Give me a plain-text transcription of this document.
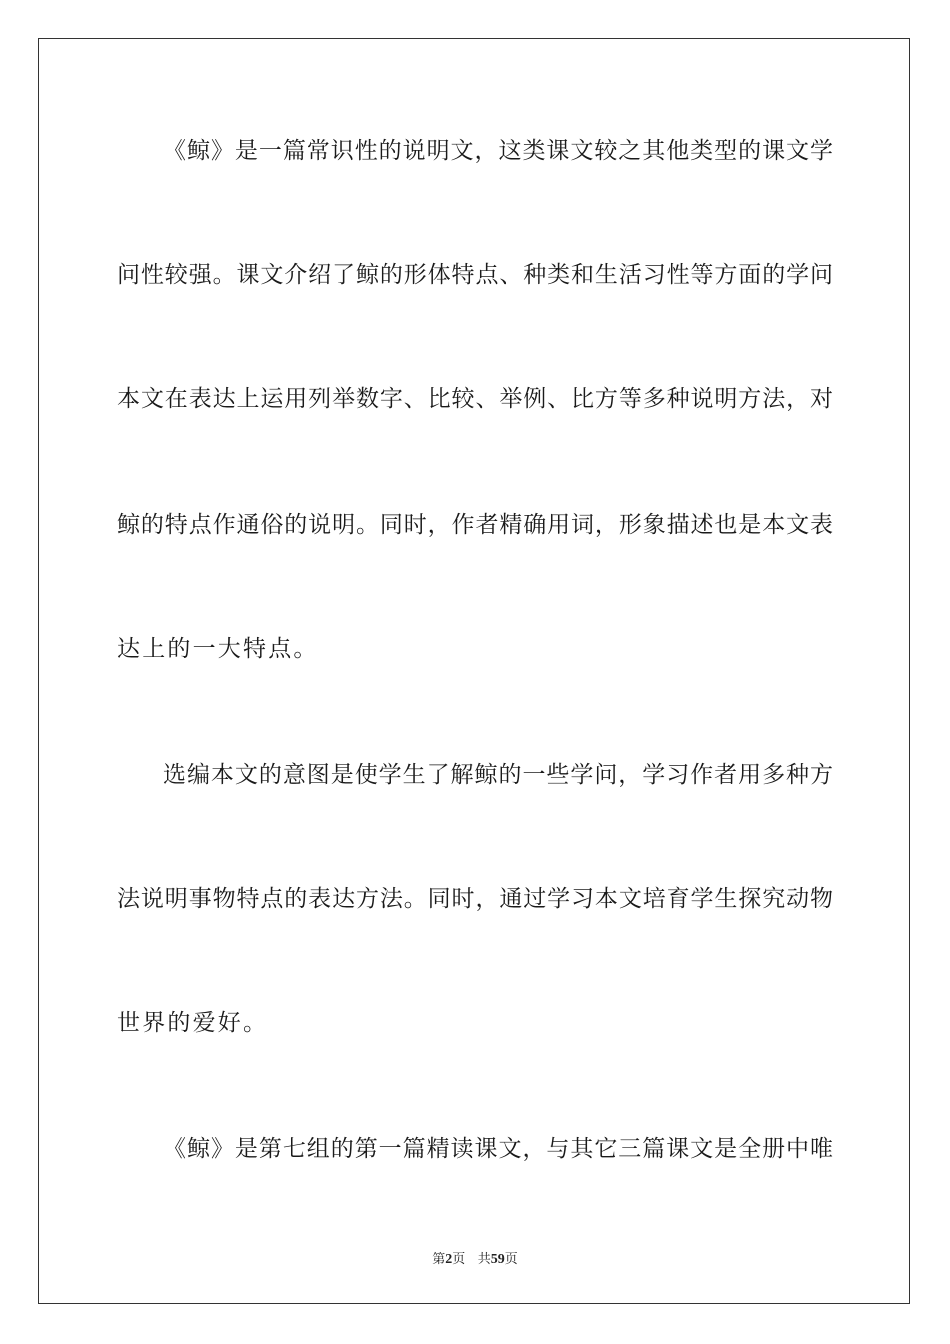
《鲸》是一篇常识性的说明文，这类课文较之其他类型的课文学
问性较强。课文介绍了鲸的形体特点、种类和生活习性等方面的学问
本文在表达上运用列举数字、比较、举例、比方等多种说明方法，对
鲸的特点作通俗的说明。同时，作者精确用词，形象描述也是本文表
达上的一大特点。
选编本文的意图是使学生了解鲸的一些学问，学习作者用多种方
法说明事物特点的表达方法。同时，通过学习本文培育学生探究动物
世界的爱好。
《鲸》是第七组的第一篇精读课文，与其它三篇课文是全册中唯
第2页 共59页
